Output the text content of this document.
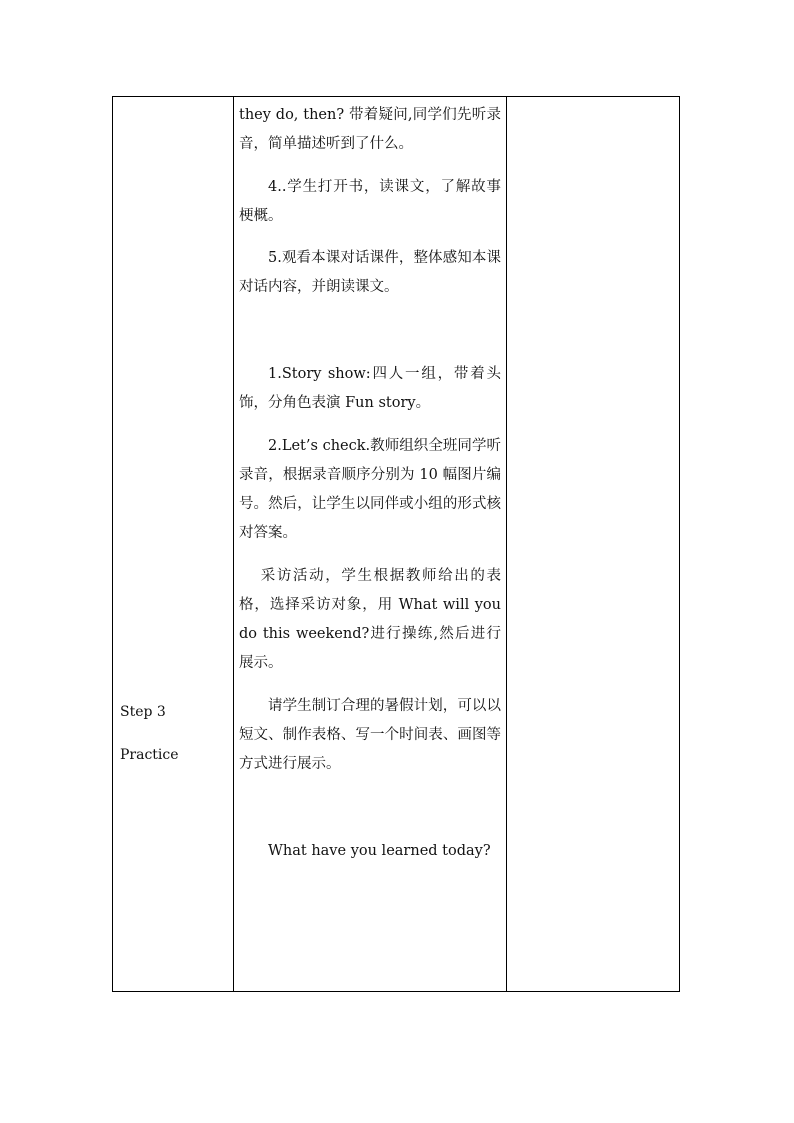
Step 3
Practice
they do, then? 带着疑问,同学们先听录音，简单描述听到了什么。
4..学生打开书，读课文，了解故事梗概。
5.观看本课对话课件，整体感知本课对话内容，并朗读课文。
1.Story show:四人一组，带着头饰，分角色表演 Fun story。
2.Let’s check.教师组织全班同学听录音，根据录音顺序分别为 10 幅图片编号。然后，让学生以同伴或小组的形式核对答案。
采访活动，学生根据教师给出的表格，选择采访对象，用 What will you do this weekend?进行操练,然后进行展示。
请学生制订合理的暑假计划，可以以短文、制作表格、写一个时间表、画图等方式进行展示。
What have you learned today?
